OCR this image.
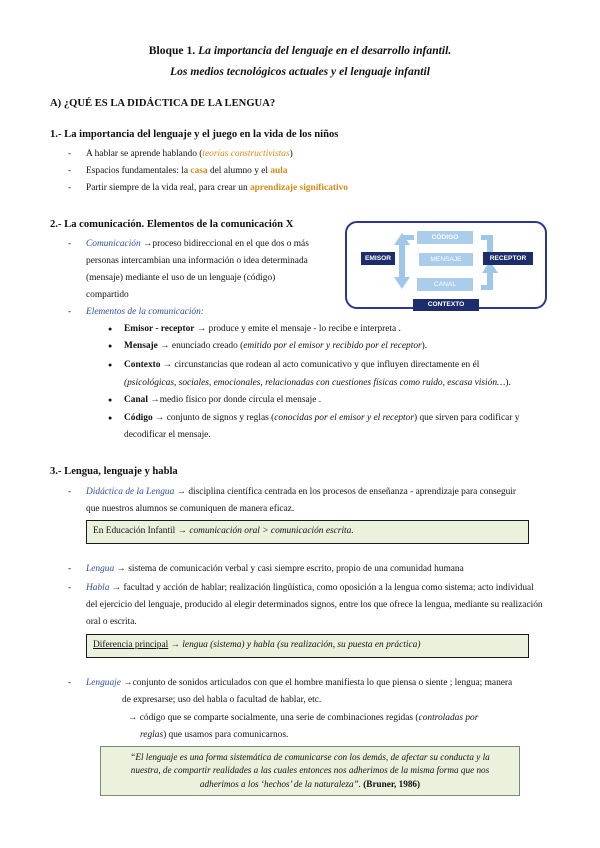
Bloque 1. La importancia del lenguaje en el desarrollo infantil.
Los medios tecnológicos actuales y el lenguaje infantil
A) ¿QUÉ ES LA DIDÁCTICA DE LA LENGUA?
1.- La importancia del lenguaje y el juego en la vida de los niños
- A hablar se aprende hablando (teorías constructivistas)
- Espacios fundamentales: la casa del alumno y el aula
- Partir siempre de la vida real, para crear un aprendizaje significativo
2.- La comunicación. Elementos de la comunicación X
- Comunicación →proceso bidireccional en el que dos o más
personas intercambian una información o idea determinada
(mensaje) mediante el uso de un lenguaje (código)
compartido
EMISOR
CÓDIGO
MENSAJE	RECEPTOR
CANAL
CONTEXTO
- Elementos de la comunicación:
● Emisor - receptor → produce y emite el mensaje - lo recibe e interpreta .
● Mensaje → enunciado creado (emitido por el emisor y recibido por el receptor).
● Contexto → circunstancias que rodean al acto comunicativo y que influyen directamente en él
(psicológicas, sociales, emocionales, relacionadas con cuestiones físicas como ruido, escasa visión…).
● Canal →medio físico por donde circula el mensaje .
● Código → conjunto de signos y reglas (conocidas por el emisor y el receptor) que sirven para codificar y
decodificar el mensaje.
3.- Lengua, lenguaje y habla
- Didáctica de la Lengua → disciplina científica centrada en los procesos de enseñanza - aprendizaje para conseguir
que nuestros alumnos se comuniquen de manera eficaz.
En Educación Infantil → comunicación oral > comunicación escrita.
- Lengua → sistema de comunicación verbal y casi siempre escrito, propio de una comunidad humana
- Habla → facultad y acción de hablar; realización lingüística, como oposición a la lengua como sistema; acto individual
del ejercicio del lenguaje, producido al elegir determinados signos, entre los que ofrece la lengua, mediante su realización
oral o escrita.
Diferencia principal → lengua (sistema) y habla (su realización, su puesta en práctica)
- Lenguaje →conjunto de sonidos articulados con que el hombre manifiesta lo que piensa o siente ; lengua; manera
de expresarse; uso del habla o facultad de hablar, etc.
→ código que se comparte socialmente, una serie de combinaciones regidas (controladas por
reglas) que usamos para comunicarnos.
“El lenguaje es una forma sistemática de comunicarse con los demás, de afectar su conducta y la
nuestra, de compartir realidades a las cuales entonces nos adherimos de la misma forma que nos
adherimos a los ‘hechos’ de la naturaleza”. (Bruner, 1986)
